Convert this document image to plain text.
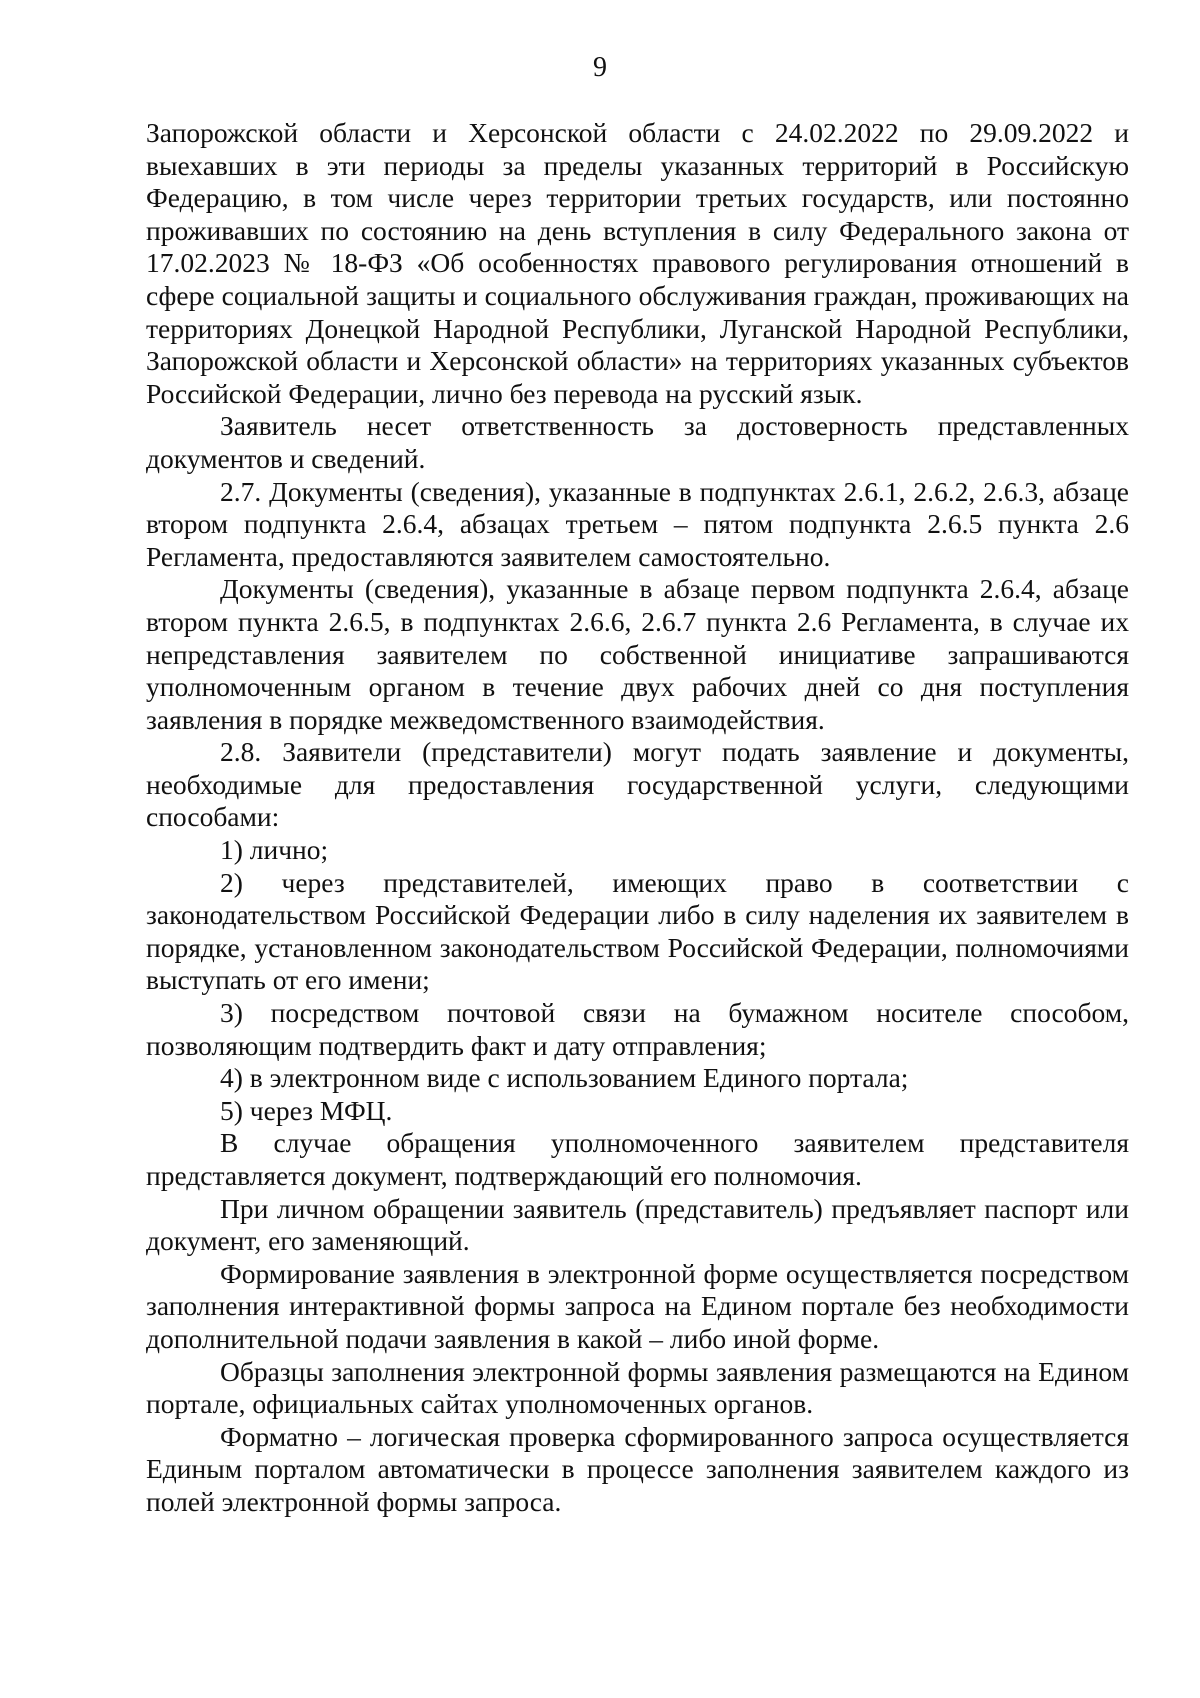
9

Запорожской области и Херсонской области с 24.02.2022 по 29.09.2022 и выехавших в эти периоды за пределы указанных территорий в Российскую Федерацию, в том числе через территории третьих государств, или постоянно проживавших по состоянию на день вступления в силу Федерального закона от 17.02.2023 № 18-ФЗ «Об особенностях правового регулирования отношений в сфере социальной защиты и социального обслуживания граждан, проживающих на территориях Донецкой Народной Республики, Луганской Народной Республики, Запорожской области и Херсонской области» на территориях указанных субъектов Российской Федерации, лично без перевода на русский язык.

Заявитель несет ответственность за достоверность представленных документов и сведений.

2.7. Документы (сведения), указанные в подпунктах 2.6.1, 2.6.2, 2.6.3, абзаце втором подпункта 2.6.4, абзацах третьем – пятом подпункта 2.6.5 пункта 2.6 Регламента, предоставляются заявителем самостоятельно.

Документы (сведения), указанные в абзаце первом подпункта 2.6.4, абзаце втором пункта 2.6.5, в подпунктах 2.6.6, 2.6.7 пункта 2.6 Регламента, в случае их непредставления заявителем по собственной инициативе запрашиваются уполномоченным органом в течение двух рабочих дней со дня поступления заявления в порядке межведомственного взаимодействия.

2.8. Заявители (представители) могут подать заявление и документы, необходимые для предоставления государственной услуги, следующими способами:

1) лично;

2) через представителей, имеющих право в соответствии с законодательством Российской Федерации либо в силу наделения их заявителем в порядке, установленном законодательством Российской Федерации, полномочиями выступать от его имени;

3) посредством почтовой связи на бумажном носителе способом, позволяющим подтвердить факт и дату отправления;

4) в электронном виде с использованием Единого портала;

5) через МФЦ.

В случае обращения уполномоченного заявителем представителя представляется документ, подтверждающий его полномочия.

При личном обращении заявитель (представитель) предъявляет паспорт или документ, его заменяющий.

Формирование заявления в электронной форме осуществляется посредством заполнения интерактивной формы запроса на Едином портале без необходимости дополнительной подачи заявления в какой – либо иной форме.

Образцы заполнения электронной формы заявления размещаются на Едином портале, официальных сайтах уполномоченных органов.

Форматно – логическая проверка сформированного запроса осуществляется Единым порталом автоматически в процессе заполнения заявителем каждого из полей электронной формы запроса.
